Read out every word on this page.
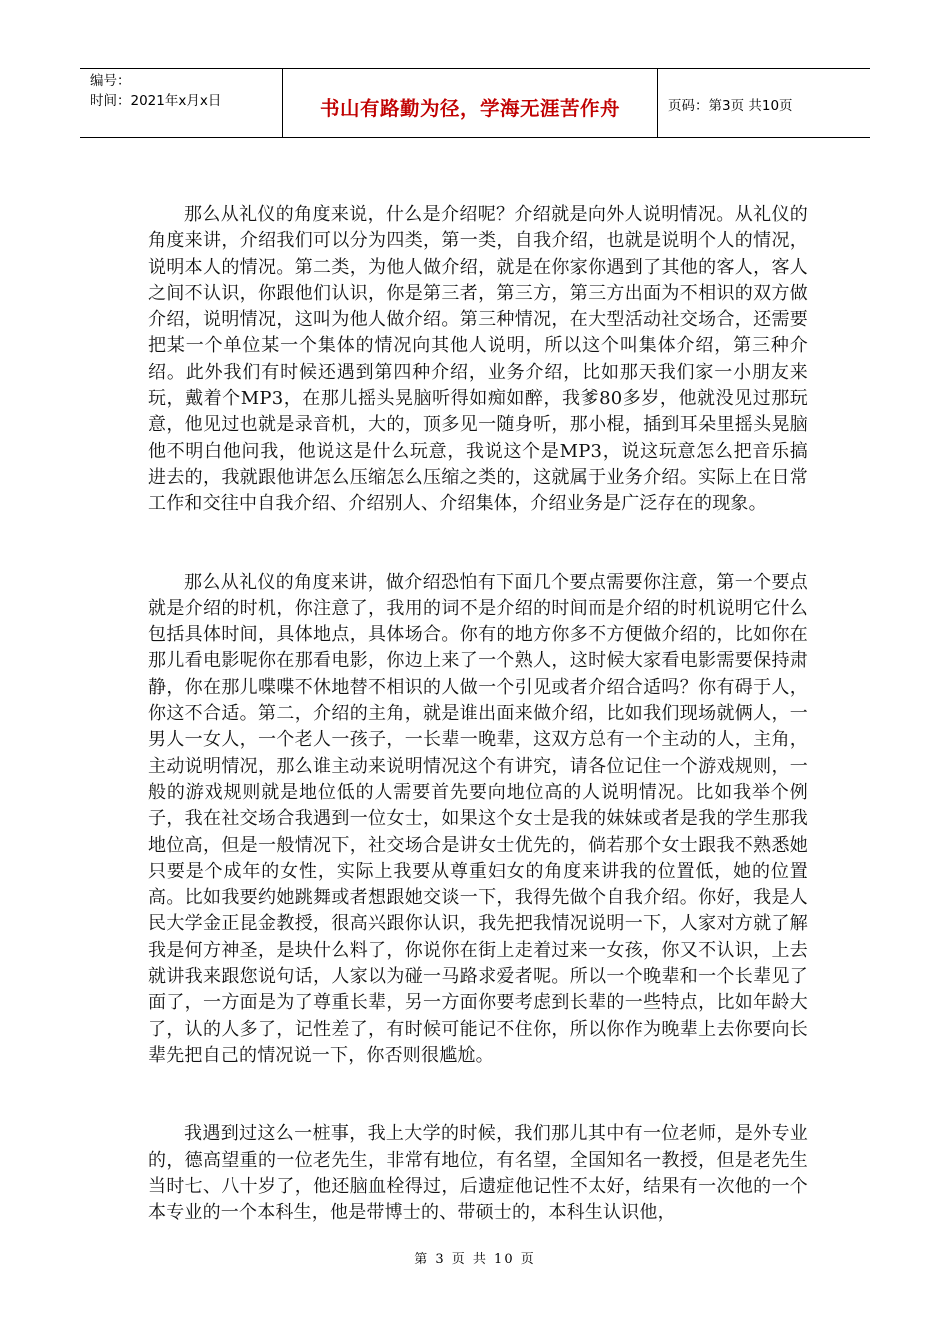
编号：
时间：2021年x月x日	书山有路勤为径，学海无涯苦作舟	页码：第3页 共10页

那么从礼仪的角度来说，什么是介绍呢？介绍就是向外人说明情况。从礼仪的角度来讲，介绍我们可以分为四类，第一类，自我介绍，也就是说明个人的情况，说明本人的情况。第二类，为他人做介绍，就是在你家你遇到了其他的客人，客人之间不认识，你跟他们认识，你是第三者，第三方，第三方出面为不相识的双方做介绍，说明情况，这叫为他人做介绍。第三种情况，在大型活动社交场合，还需要把某一个单位某一个集体的情况向其他人说明，所以这个叫集体介绍，第三种介绍。此外我们有时候还遇到第四种介绍，业务介绍，比如那天我们家一小朋友来玩，戴着个MP3，在那儿摇头晃脑听得如痴如醉，我爹80多岁，他就没见过那玩意，他见过也就是录音机，大的，顶多见一随身听，那小棍，插到耳朵里摇头晃脑他不明白他问我，他说这是什么玩意，我说这个是MP3，说这玩意怎么把音乐搞进去的，我就跟他讲怎么压缩怎么压缩之类的，这就属于业务介绍。实际上在日常工作和交往中自我介绍、介绍别人、介绍集体，介绍业务是广泛存在的现象。

那么从礼仪的角度来讲，做介绍恐怕有下面几个要点需要你注意，第一个要点就是介绍的时机，你注意了，我用的词不是介绍的时间而是介绍的时机说明它什么包括具体时间，具体地点，具体场合。你有的地方你多不方便做介绍的，比如你在那儿看电影呢你在那看电影，你边上来了一个熟人，这时候大家看电影需要保持肃静，你在那儿喋喋不休地替不相识的人做一个引见或者介绍合适吗？你有碍于人，你这不合适。第二，介绍的主角，就是谁出面来做介绍，比如我们现场就俩人，一男人一女人，一个老人一孩子，一长辈一晚辈，这双方总有一个主动的人，主角，主动说明情况，那么谁主动来说明情况这个有讲究，请各位记住一个游戏规则，一般的游戏规则就是地位低的人需要首先要向地位高的人说明情况。比如我举个例子，我在社交场合我遇到一位女士，如果这个女士是我的妹妹或者是我的学生那我地位高，但是一般情况下，社交场合是讲女士优先的，倘若那个女士跟我不熟悉她只要是个成年的女性，实际上我要从尊重妇女的角度来讲我的位置低，她的位置高。比如我要约她跳舞或者想跟她交谈一下，我得先做个自我介绍。你好，我是人民大学金正昆金教授，很高兴跟你认识，我先把我情况说明一下，人家对方就了解我是何方神圣，是块什么料了，你说你在街上走着过来一女孩，你又不认识，上去就讲我来跟您说句话，人家以为碰一马路求爱者呢。所以一个晚辈和一个长辈见了面了，一方面是为了尊重长辈，另一方面你要考虑到长辈的一些特点，比如年龄大了，认的人多了，记性差了，有时候可能记不住你，所以你作为晚辈上去你要向长辈先把自己的情况说一下，你否则很尴尬。

我遇到过这么一桩事，我上大学的时候，我们那儿其中有一位老师，是外专业的，德高望重的一位老先生，非常有地位，有名望，全国知名一教授，但是老先生当时七、八十岁了，他还脑血栓得过，后遗症他记性不太好，结果有一次他的一个本专业的一个本科生，他是带博士的、带硕士的，本科生认识他，

第 3 页 共 10 页
